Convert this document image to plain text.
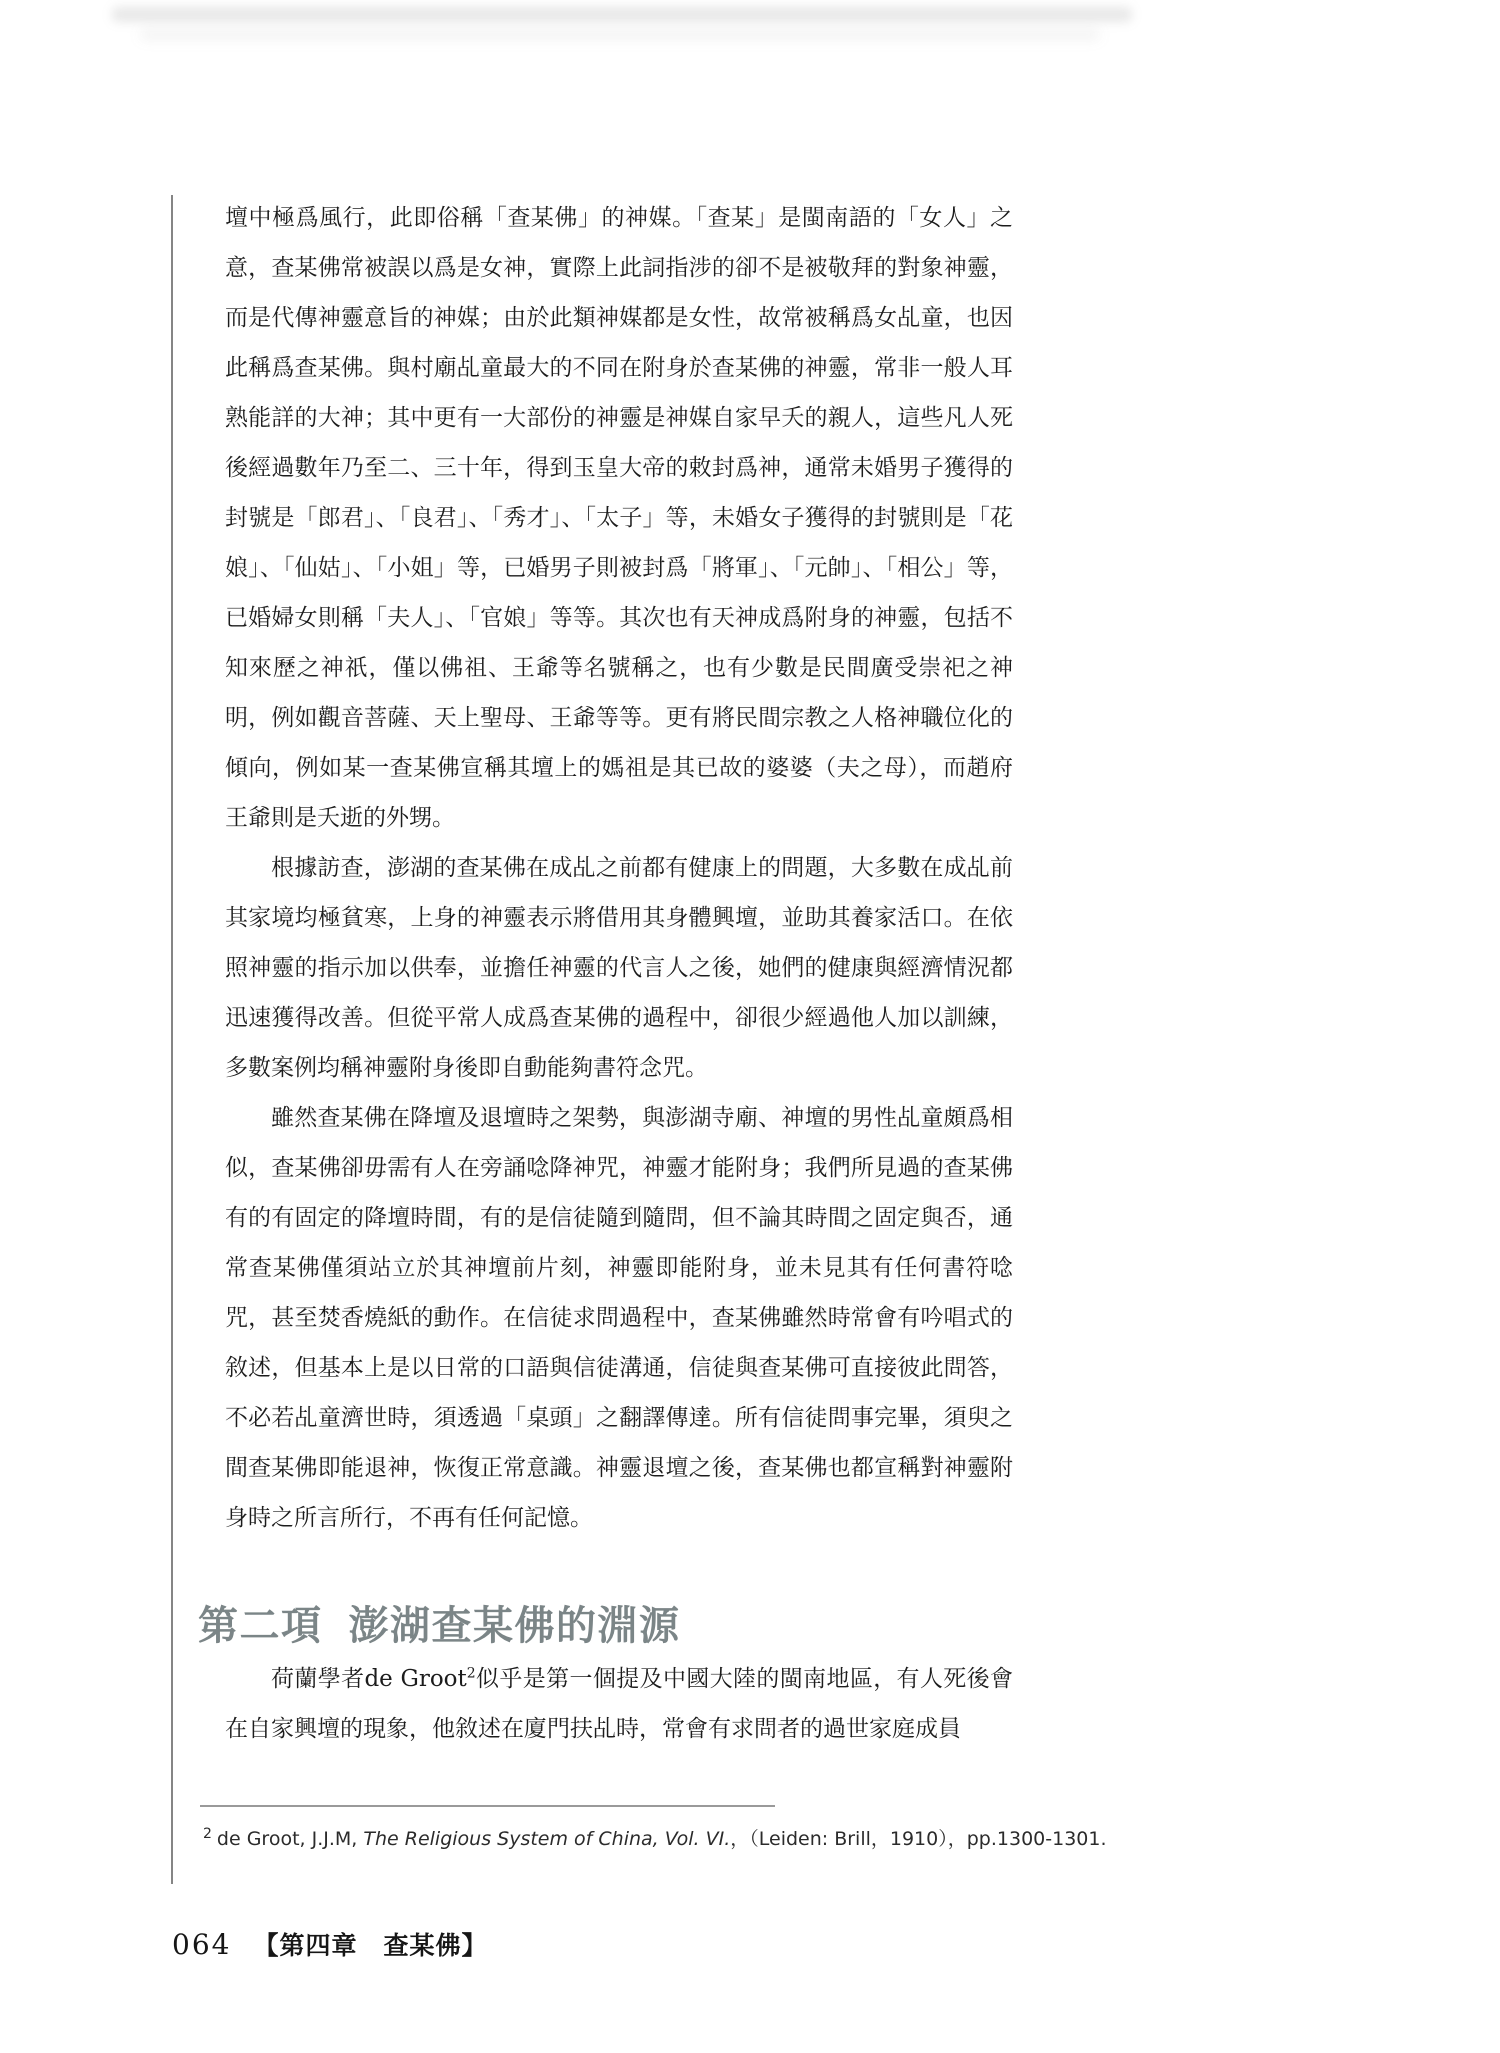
壇中極爲風行，此即俗稱「查某佛」的神媒。「查某」是閩南語的「女人」之意，查某佛常被誤以爲是女神，實際上此詞指涉的卻不是被敬拜的對象神靈，而是代傳神靈意旨的神媒；由於此類神媒都是女性，故常被稱爲女乩童，也因此稱爲查某佛。與村廟乩童最大的不同在附身於查某佛的神靈，常非一般人耳熟能詳的大神；其中更有一大部份的神靈是神媒自家早夭的親人，這些凡人死後經過數年乃至二、三十年，得到玉皇大帝的敕封爲神，通常未婚男子獲得的封號是「郎君」、「良君」、「秀才」、「太子」等，未婚女子獲得的封號則是「花娘」、「仙姑」、「小姐」等，已婚男子則被封爲「將軍」、「元帥」、「相公」等，已婚婦女則稱「夫人」、「官娘」等等。其次也有天神成爲附身的神靈，包括不知來歷之神祇，僅以佛祖、王爺等名號稱之，也有少數是民間廣受崇祀之神明，例如觀音菩薩、天上聖母、王爺等等。更有將民間宗教之人格神職位化的傾向，例如某一查某佛宣稱其壇上的媽祖是其已故的婆婆（夫之母），而趙府王爺則是夭逝的外甥。

根據訪查，澎湖的查某佛在成乩之前都有健康上的問題，大多數在成乩前其家境均極貧寒，上身的神靈表示將借用其身體興壇，並助其養家活口。在依照神靈的指示加以供奉，並擔任神靈的代言人之後，她們的健康與經濟情況都迅速獲得改善。但從平常人成爲查某佛的過程中，卻很少經過他人加以訓練，多數案例均稱神靈附身後即自動能夠書符念咒。

雖然查某佛在降壇及退壇時之架勢，與澎湖寺廟、神壇的男性乩童頗爲相似，查某佛卻毋需有人在旁誦唸降神咒，神靈才能附身；我們所見過的查某佛有的有固定的降壇時間，有的是信徒隨到隨問，但不論其時間之固定與否，通常查某佛僅須站立於其神壇前片刻，神靈即能附身，並未見其有任何書符唸咒，甚至焚香燒紙的動作。在信徒求問過程中，查某佛雖然時常會有吟唱式的敘述，但基本上是以日常的口語與信徒溝通，信徒與查某佛可直接彼此問答，不必若乩童濟世時，須透過「桌頭」之翻譯傳達。所有信徒問事完畢，須臾之間查某佛即能退神，恢復正常意識。神靈退壇之後，查某佛也都宣稱對神靈附身時之所言所行，不再有任何記憶。

第二項 澎湖查某佛的淵源

荷蘭學者de Groot$^2$似乎是第一個提及中國大陸的閩南地區，有人死後會在自家興壇的現象，他敘述在廈門扶乩時，常會有求問者的過世家庭成員

$^2$ de Groot, J.J.M, The Religious System of China, Vol. VI.，（Leiden: Brill，1910），pp.1300-1301.
064 【第四章　查某佛】
